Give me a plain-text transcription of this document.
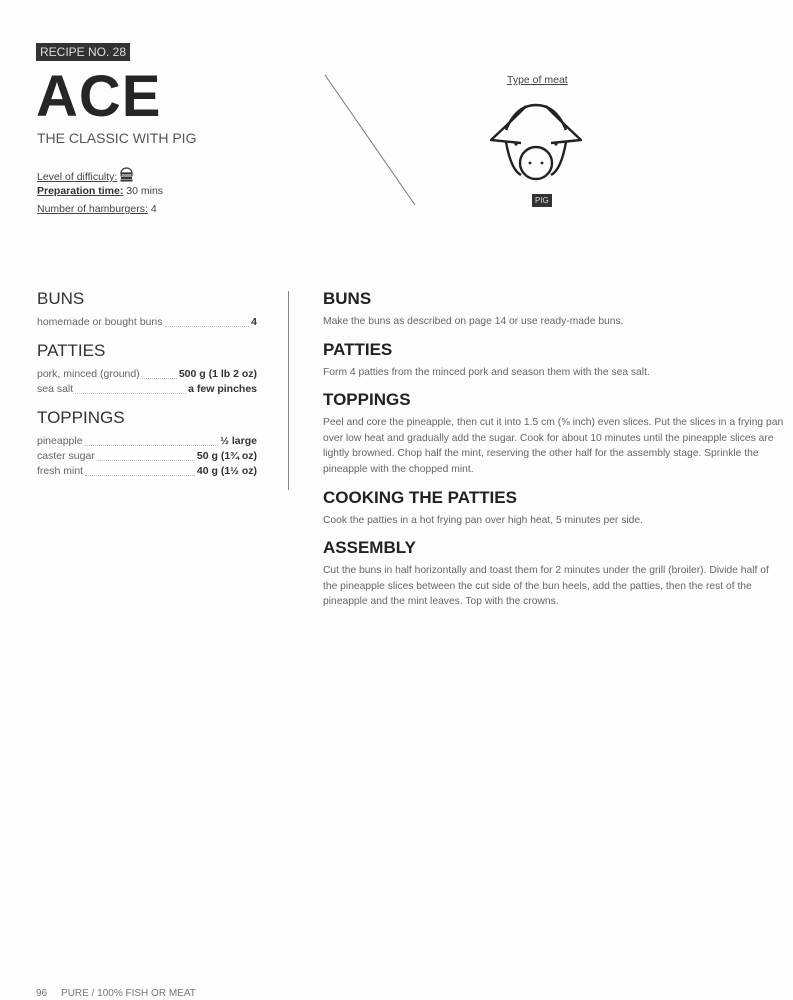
RECIPE NO. 28
ACE
THE CLASSIC WITH PIG
Level of difficulty:
Preparation time: 30 mins
Number of hamburgers: 4
Type of meat
PIG
BUNS
homemade or bought buns	4
PATTIES
pork, minced (ground)	500 g (1 lb 2 oz)
sea salt	a few pinches
TOPPINGS
pineapple	½ large
caster sugar	50 g (1¾ oz)
fresh mint	40 g (1½ oz)
BUNS
Make the buns as described on page 14 or use ready-made buns.
PATTIES
Form 4 patties from the minced pork and season them with the sea salt.
TOPPINGS
Peel and core the pineapple, then cut it into 1.5 cm (⅝ inch) even slices. Put the slices in a frying pan over low heat and gradually add the sugar. Cook for about 10 minutes until the pineapple slices are lightly browned. Chop half the mint, reserving the other half for the assembly stage. Sprinkle the pineapple with the chopped mint.
COOKING THE PATTIES
Cook the patties in a hot frying pan over high heat, 5 minutes per side.
ASSEMBLY
Cut the buns in half horizontally and toast them for 2 minutes under the grill (broiler). Divide half of the pineapple slices between the cut side of the bun heels, add the patties, then the rest of the pineapple and the mint leaves. Top with the crowns.
96 PURE / 100% FISH OR MEAT
